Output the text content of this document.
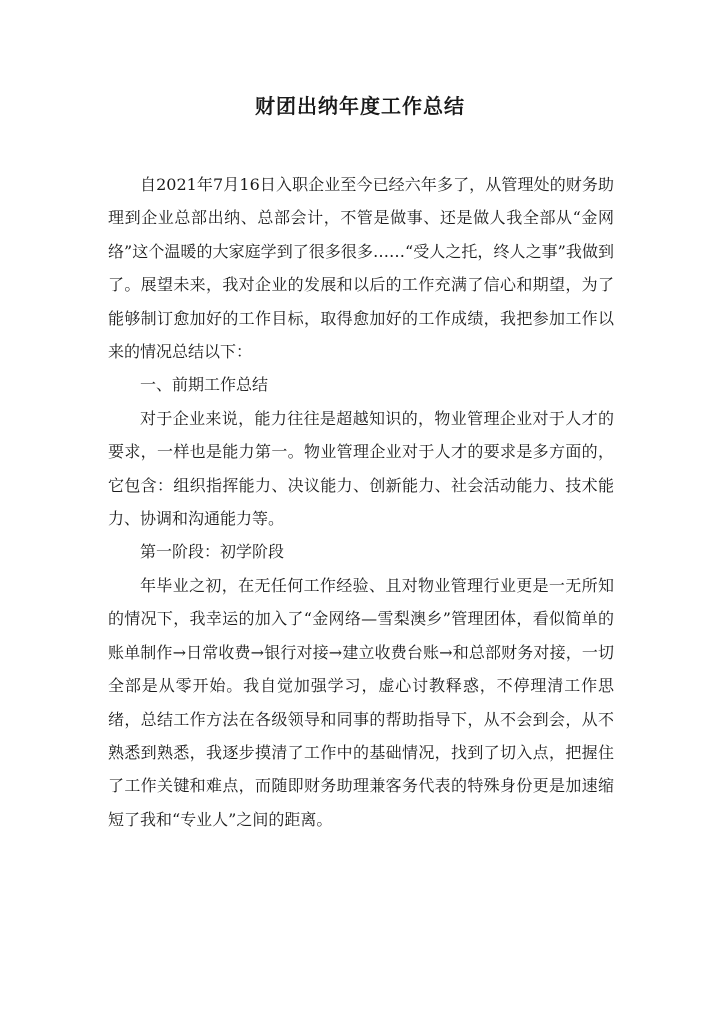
财团出纳年度工作总结

自2021年7月16日入职企业至今已经六年多了，从管理处的财务助理到企业总部出纳、总部会计，不管是做事、还是做人我全部从“金网络”这个温暖的大家庭学到了很多很多……“受人之托，终人之事”我做到了。展望未来，我对企业的发展和以后的工作充满了信心和期望，为了能够制订愈加好的工作目标，取得愈加好的工作成绩，我把参加工作以来的情况总结以下：

一、前期工作总结

对于企业来说，能力往往是超越知识的，物业管理企业对于人才的要求，一样也是能力第一。物业管理企业对于人才的要求是多方面的，它包含：组织指挥能力、决议能力、创新能力、社会活动能力、技术能力、协调和沟通能力等。

第一阶段：初学阶段

年毕业之初，在无任何工作经验、且对物业管理行业更是一无所知的情况下，我幸运的加入了“金网络—雪梨澳乡”管理团体，看似简单的账单制作→日常收费→银行对接→建立收费台账→和总部财务对接，一切全部是从零开始。我自觉加强学习，虚心讨教释惑，不停理清工作思绪，总结工作方法在各级领导和同事的帮助指导下，从不会到会，从不熟悉到熟悉，我逐步摸清了工作中的基础情况，找到了切入点，把握住了工作关键和难点，而随即财务助理兼客务代表的特殊身份更是加速缩短了我和“专业人”之间的距离。
